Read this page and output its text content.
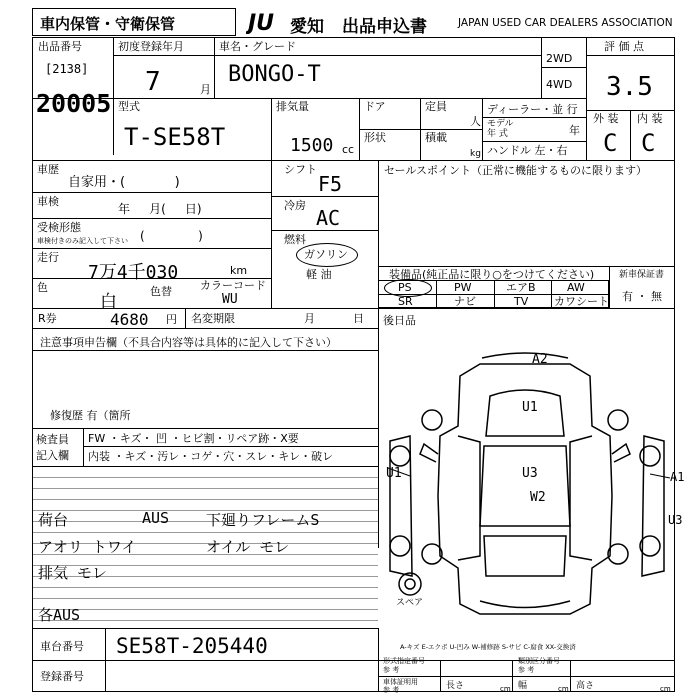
車内保管・守衛保管	JU 愛知 出品申込書	JAPAN USED CAR DEALERS ASSOCIATION
出品番号
[2138]
20005
初度登録年月
7	月
車名・グレード
BONGO-T
2WD
4WD
評 価 点
3.5
外 装 内 装
C C
型式
T-SE58T
排気量
1500 cc
ドア	定員
人
形状	積載
kg
ディーラー・並 行
モデル
年 式	年
ハンドル 左・右
車歴
自家用・(            )
車検
年     月(     日)
受検形態
車検付きのみ記入して下さい (              )
走行
7万4千030	km
色
白
色替	カラーコード
WU
シフト
F5
冷房
AC
燃料
ガソリン
軽 油
セールスポイント（正常に機能するものに限ります）
装備品(純正品に限り○をつけてください)	新車保証書
有 ・ 無
PS	PW	エアB	AW
SR	ナビ	TV カワシート
R券	4680 円 名変期限	月	日 後日品
注意事項申告欄（不具合内容等は具体的に記入して下さい）
修復歴 有（箇所
検査員
記入欄
FW ・キズ・ 凹 ・ヒビ割・リペア跡・X要
内装 ・キズ・汚レ・コゲ・穴・スレ・キレ・破レ
荷台	AUS 下廻りフレームS
アオリ トワイ	オイル モレ
排気 モレ
各AUS
A2
U1
U1	U3
W2
A1
U3
スペア
A-キズ E-エクボ U-凹み W-補修跡 S-サビ C-腐食 XX-交換済
車台番号 SE58T-205440
登録番号
形式指定番号
参 考
類別区分番号
参 考
車体証明用
参 考	長さ	cm 幅	cm 高さ	cm
